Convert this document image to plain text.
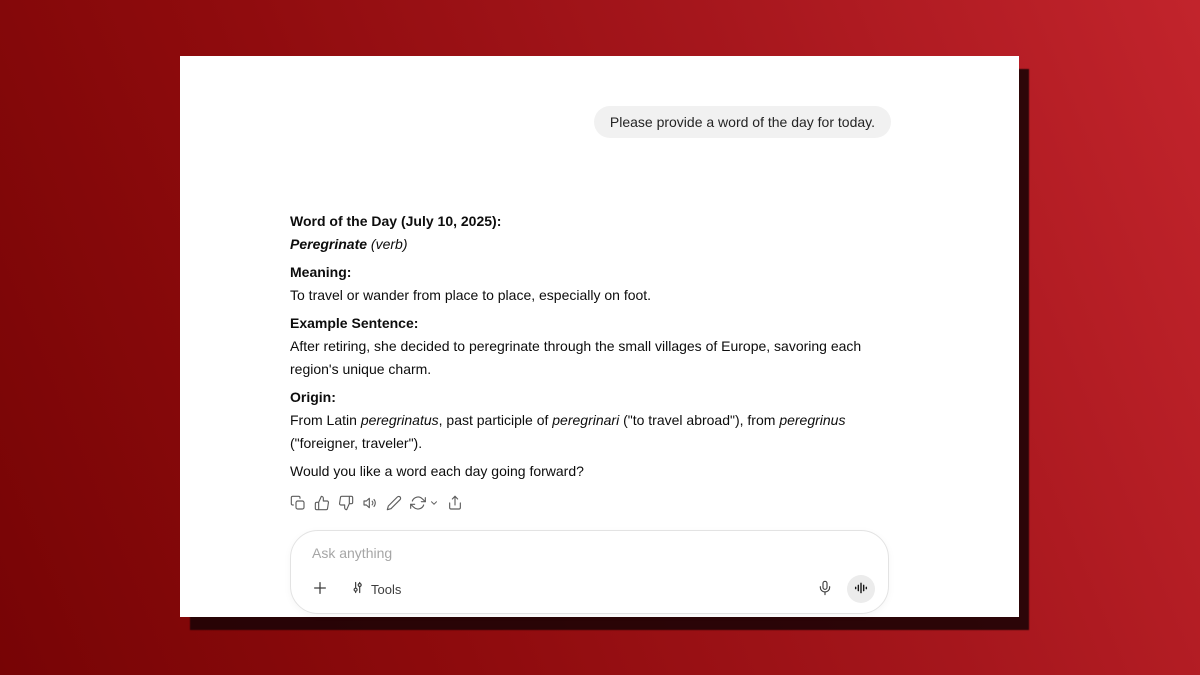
Please provide a word of the day for today.

Word of the Day (July 10, 2025):
Peregrinate (verb)

Meaning:
To travel or wander from place to place, especially on foot.

Example Sentence:
After retiring, she decided to peregrinate through the small villages of Europe, savoring each region's unique charm.

Origin:
From Latin peregrinatus, past participle of peregrinari ("to travel abroad"), from peregrinus ("foreigner, traveler").

Would you like a word each day going forward?

Ask anything
Tools
